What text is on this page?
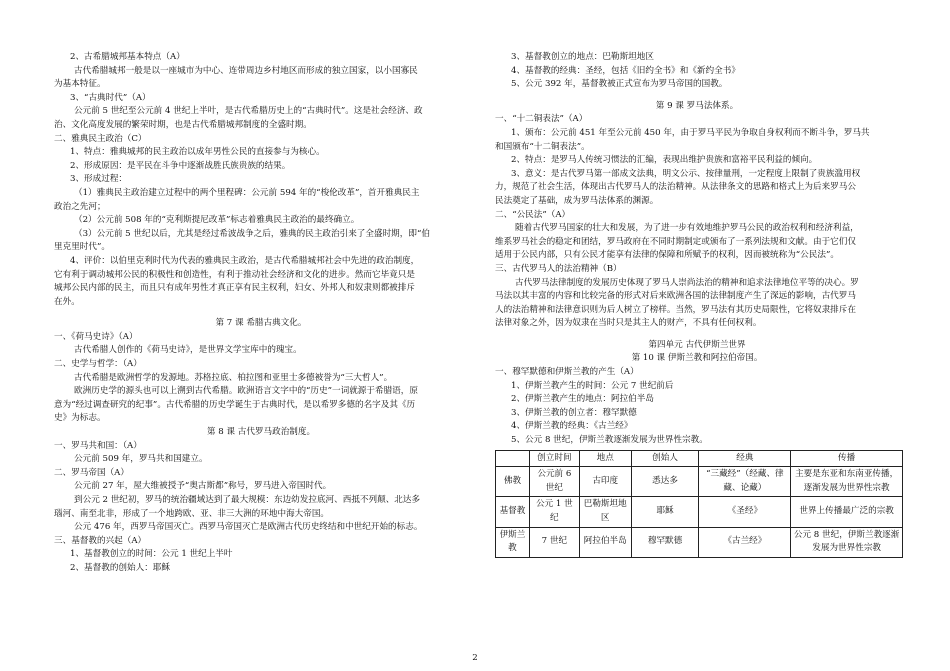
2、古希腊城邦基本特点（A）
古代希腊城邦一般是以一座城市为中心、连带周边乡村地区而形成的独立国家，以小国寡民
为基本特征。
3、“古典时代”（A）
公元前 5 世纪至公元前 4 世纪上半叶，是古代希腊历史上的“古典时代”。这是社会经济、政
治、文化高度发展的繁荣时期，也是古代希腊城邦制度的全盛时期。
二、雅典民主政治（C）
1、特点：雅典城邦的民主政治以成年男性公民的直接参与为核心。
2、形成原因：是平民在斗争中逐渐战胜氏族贵族的结果。
3、形成过程：
（1）雅典民主政治建立过程中的两个里程碑：公元前 594 年的“梭伦改革”，首开雅典民主
政治之先河；
（2）公元前 508 年的“克利斯提尼改革”标志着雅典民主政治的最终确立。
（3）公元前 5 世纪以后，尤其是经过希波战争之后，雅典的民主政治引来了全盛时期，即“伯
里克里时代”。
4、评价：以伯里克利时代为代表的雅典民主政治，是古代希腊城邦社会中先进的政治制度，
它有利于调动城邦公民的积极性和创造性，有利于推动社会经济和文化的进步。然而它毕竟只是
城邦公民内部的民主，而且只有成年男性才真正享有民主权利，妇女、外邦人和奴隶则都被排斥
在外。
第 7 课 希腊古典文化。
一、《荷马史诗》（A）
古代希腊人创作的《荷马史诗》，是世界文学宝库中的瑰宝。
二、史学与哲学：（A）
古代希腊是欧洲哲学的发源地。苏格拉底、柏拉图和亚里士多德被誉为“三大哲人”。
欧洲历史学的源头也可以上溯到古代希腊。欧洲语言文字中的“历史”一词就源于希腊语，原
意为“经过调查研究的纪事”。古代希腊的历史学诞生于古典时代，是以希罗多德的名字及其《历
史》为标志。
第 8 课 古代罗马政治制度。
一、罗马共和国：（A）
公元前 509 年，罗马共和国建立。
二、罗马帝国（A）
公元前 27 年，屋大维被授予“奥古斯都”称号，罗马进入帝国时代。
到公元 2 世纪初，罗马的统治疆域达到了最大规模：东边幼发拉底河、西抵不列颠、北达多
瑙河、南至北非，形成了一个地跨欧、亚、非三大洲的环地中海大帝国。
公元 476 年，西罗马帝国灭亡。西罗马帝国灭亡是欧洲古代历史终结和中世纪开始的标志。
三、基督教的兴起（A）
1、基督教创立的时间：公元 1 世纪上半叶
2、基督教的创始人：耶稣
3、基督教创立的地点：巴勒斯坦地区
4、基督教的经典：圣经，包括《旧约全书》和《新约全书》
5、公元 392 年，基督教被正式宣布为罗马帝国的国教。
第 9 课 罗马法体系。
一、“十二铜表法”（A）
1、颁布：公元前 451 年至公元前 450 年，由于罗马平民为争取自身权利而不断斗争，罗马共
和国颁布“十二铜表法”。
2、特点：是罗马人传统习惯法的汇编，表现出维护贵族和富裕平民利益的倾向。
3、意义：是古代罗马第一部成文法典，明文公示、按律量刑，一定程度上限制了贵族滥用权
力，规范了社会生活，体现出古代罗马人的法治精神。从法律条文的思路和格式上为后来罗马公
民法奠定了基础，成为罗马法体系的渊源。
二、“公民法”（A）
随着古代罗马国家的壮大和发展，为了进一步有效地维护罗马公民的政治权利和经济利益，
维系罗马社会的稳定和团结，罗马政府在不同时期制定或颁布了一系列法规和文献。由于它们仅
适用于公民内部，只有公民才能享有法律的保障和所赋予的权利，因而被统称为“公民法”。
三、古代罗马人的法治精神（B）
古代罗马法律制度的发展历史体现了罗马人崇尚法治的精神和追求法律地位平等的决心。罗
马法以其丰富的内容和比较完备的形式对后来欧洲各国的法律制度产生了深远的影响，古代罗马
人的法治精神和法律意识则为后人树立了榜样。当然，罗马法有其历史局限性，它将奴隶排斥在
法律对象之外，因为奴隶在当时只是其主人的财产，不具有任何权利。
第四单元 古代伊斯兰世界
第 10 课 伊斯兰教和阿拉伯帝国。
一、穆罕默德和伊斯兰教的产生（A）
1、伊斯兰教产生的时间：公元 7 世纪前后
2、伊斯兰教产生的地点：阿拉伯半岛
3、伊斯兰教的创立者：穆罕默德
4、伊斯兰教的经典：《古兰经》
5、公元 8 世纪，伊斯兰教逐渐发展为世界性宗教。
	创立时间	地点	创始人	经典	传播
佛教	公元前 6 世纪	古印度	悉达多	“三藏经”（经藏、律藏、论藏）	主要是东亚和东南亚传播，逐渐发展为世界性宗教
基督教	公元 1 世纪	巴勒斯坦地区	耶稣	《圣经》	世界上传播最广泛的宗教
伊斯兰教	7 世纪	阿拉伯半岛	穆罕默德	《古兰经》	公元 8 世纪，伊斯兰教逐渐发展为世界性宗教
2
